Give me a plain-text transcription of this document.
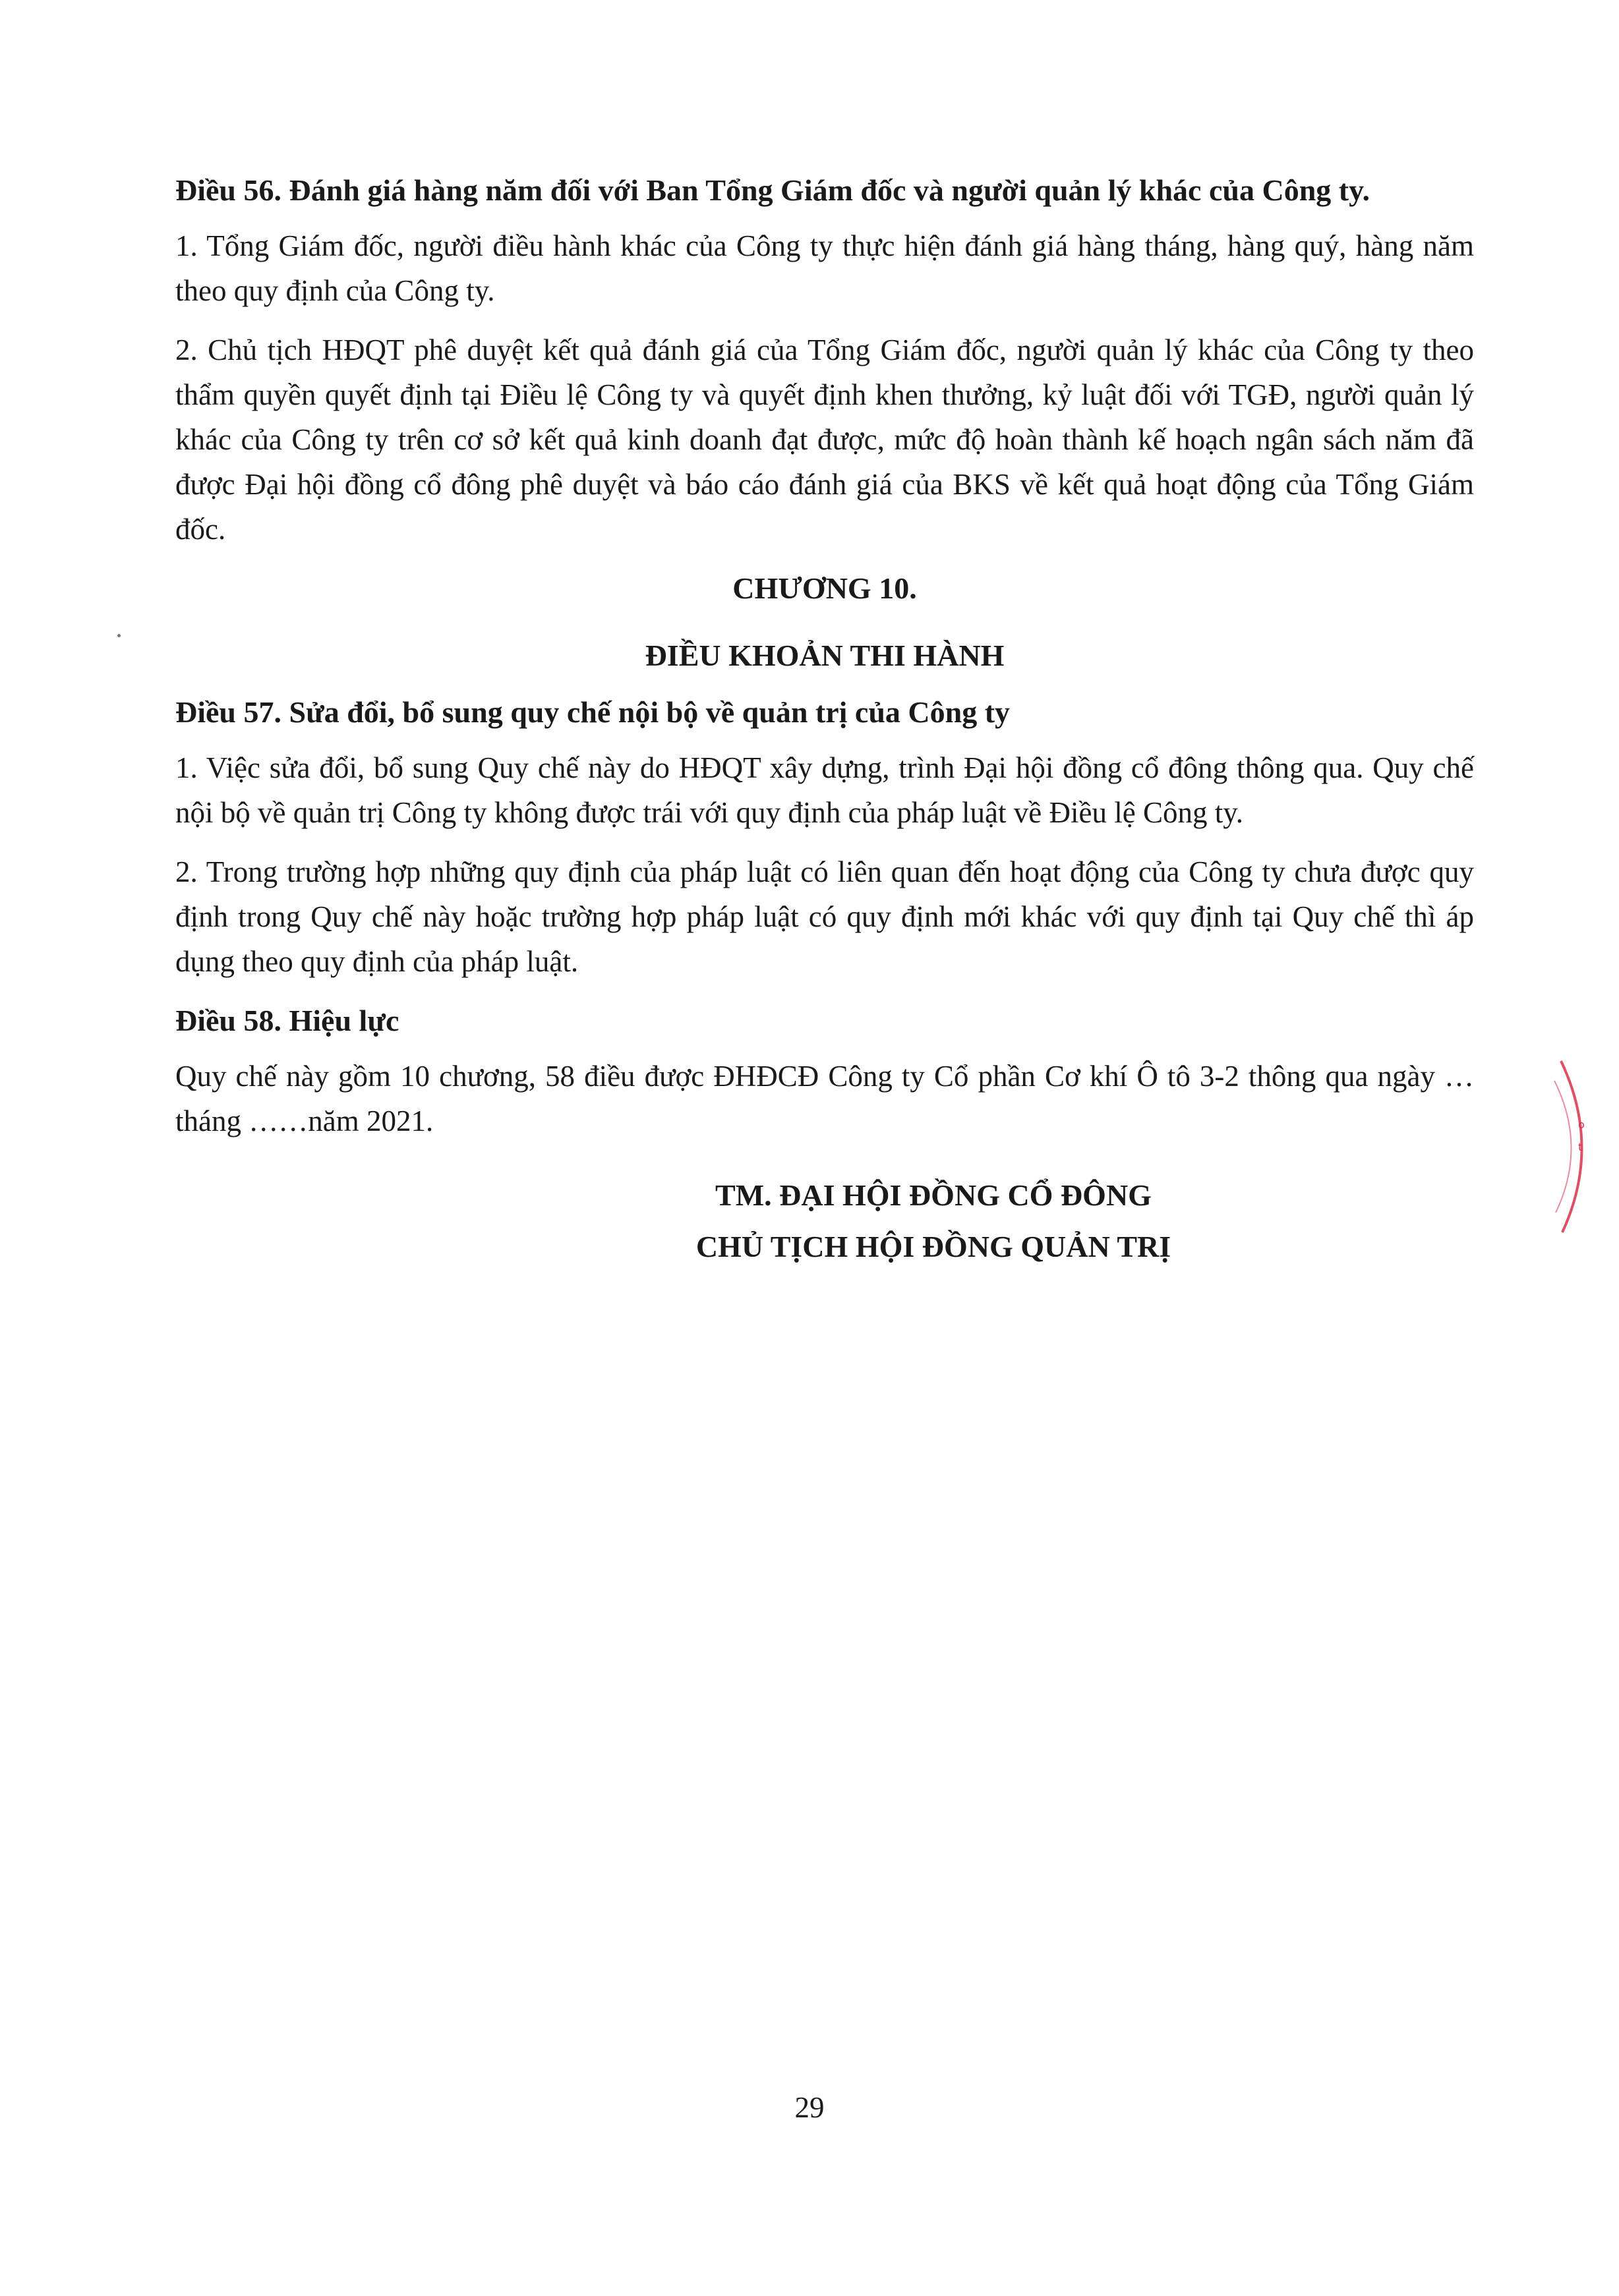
Điều 56. Đánh giá hàng năm đối với Ban Tổng Giám đốc và người quản lý khác của Công ty.

1. Tổng Giám đốc, người điều hành khác của Công ty thực hiện đánh giá hàng tháng, hàng quý, hàng năm theo quy định của Công ty.

2. Chủ tịch HĐQT phê duyệt kết quả đánh giá của Tổng Giám đốc, người quản lý khác của Công ty theo thẩm quyền quyết định tại Điều lệ Công ty và quyết định khen thưởng, kỷ luật đối với TGĐ, người quản lý khác của Công ty trên cơ sở kết quả kinh doanh đạt được, mức độ hoàn thành kế hoạch ngân sách năm đã được Đại hội đồng cổ đông phê duyệt và báo cáo đánh giá của BKS về kết quả hoạt động của Tổng Giám đốc.

CHƯƠNG 10.
ĐIỀU KHOẢN THI HÀNH
Điều 57. Sửa đổi, bổ sung quy chế nội bộ về quản trị của Công ty

1. Việc sửa đổi, bổ sung Quy chế này do HĐQT xây dựng, trình Đại hội đồng cổ đông thông qua. Quy chế nội bộ về quản trị Công ty không được trái với quy định của pháp luật về Điều lệ Công ty.

2. Trong trường hợp những quy định của pháp luật có liên quan đến hoạt động của Công ty chưa được quy định trong Quy chế này hoặc trường hợp pháp luật có quy định mới khác với quy định tại Quy chế thì áp dụng theo quy định của pháp luật.

Điều 58. Hiệu lực

Quy chế này gồm 10 chương, 58 điều được ĐHĐCĐ Công ty Cổ phần Cơ khí Ô tô 3-2 thông qua ngày … tháng ……năm 2021.

TM. ĐẠI HỘI ĐỒNG CỔ ĐÔNG
CHỦ TỊCH HỘI ĐỒNG QUẢN TRỊ
o
t
29
